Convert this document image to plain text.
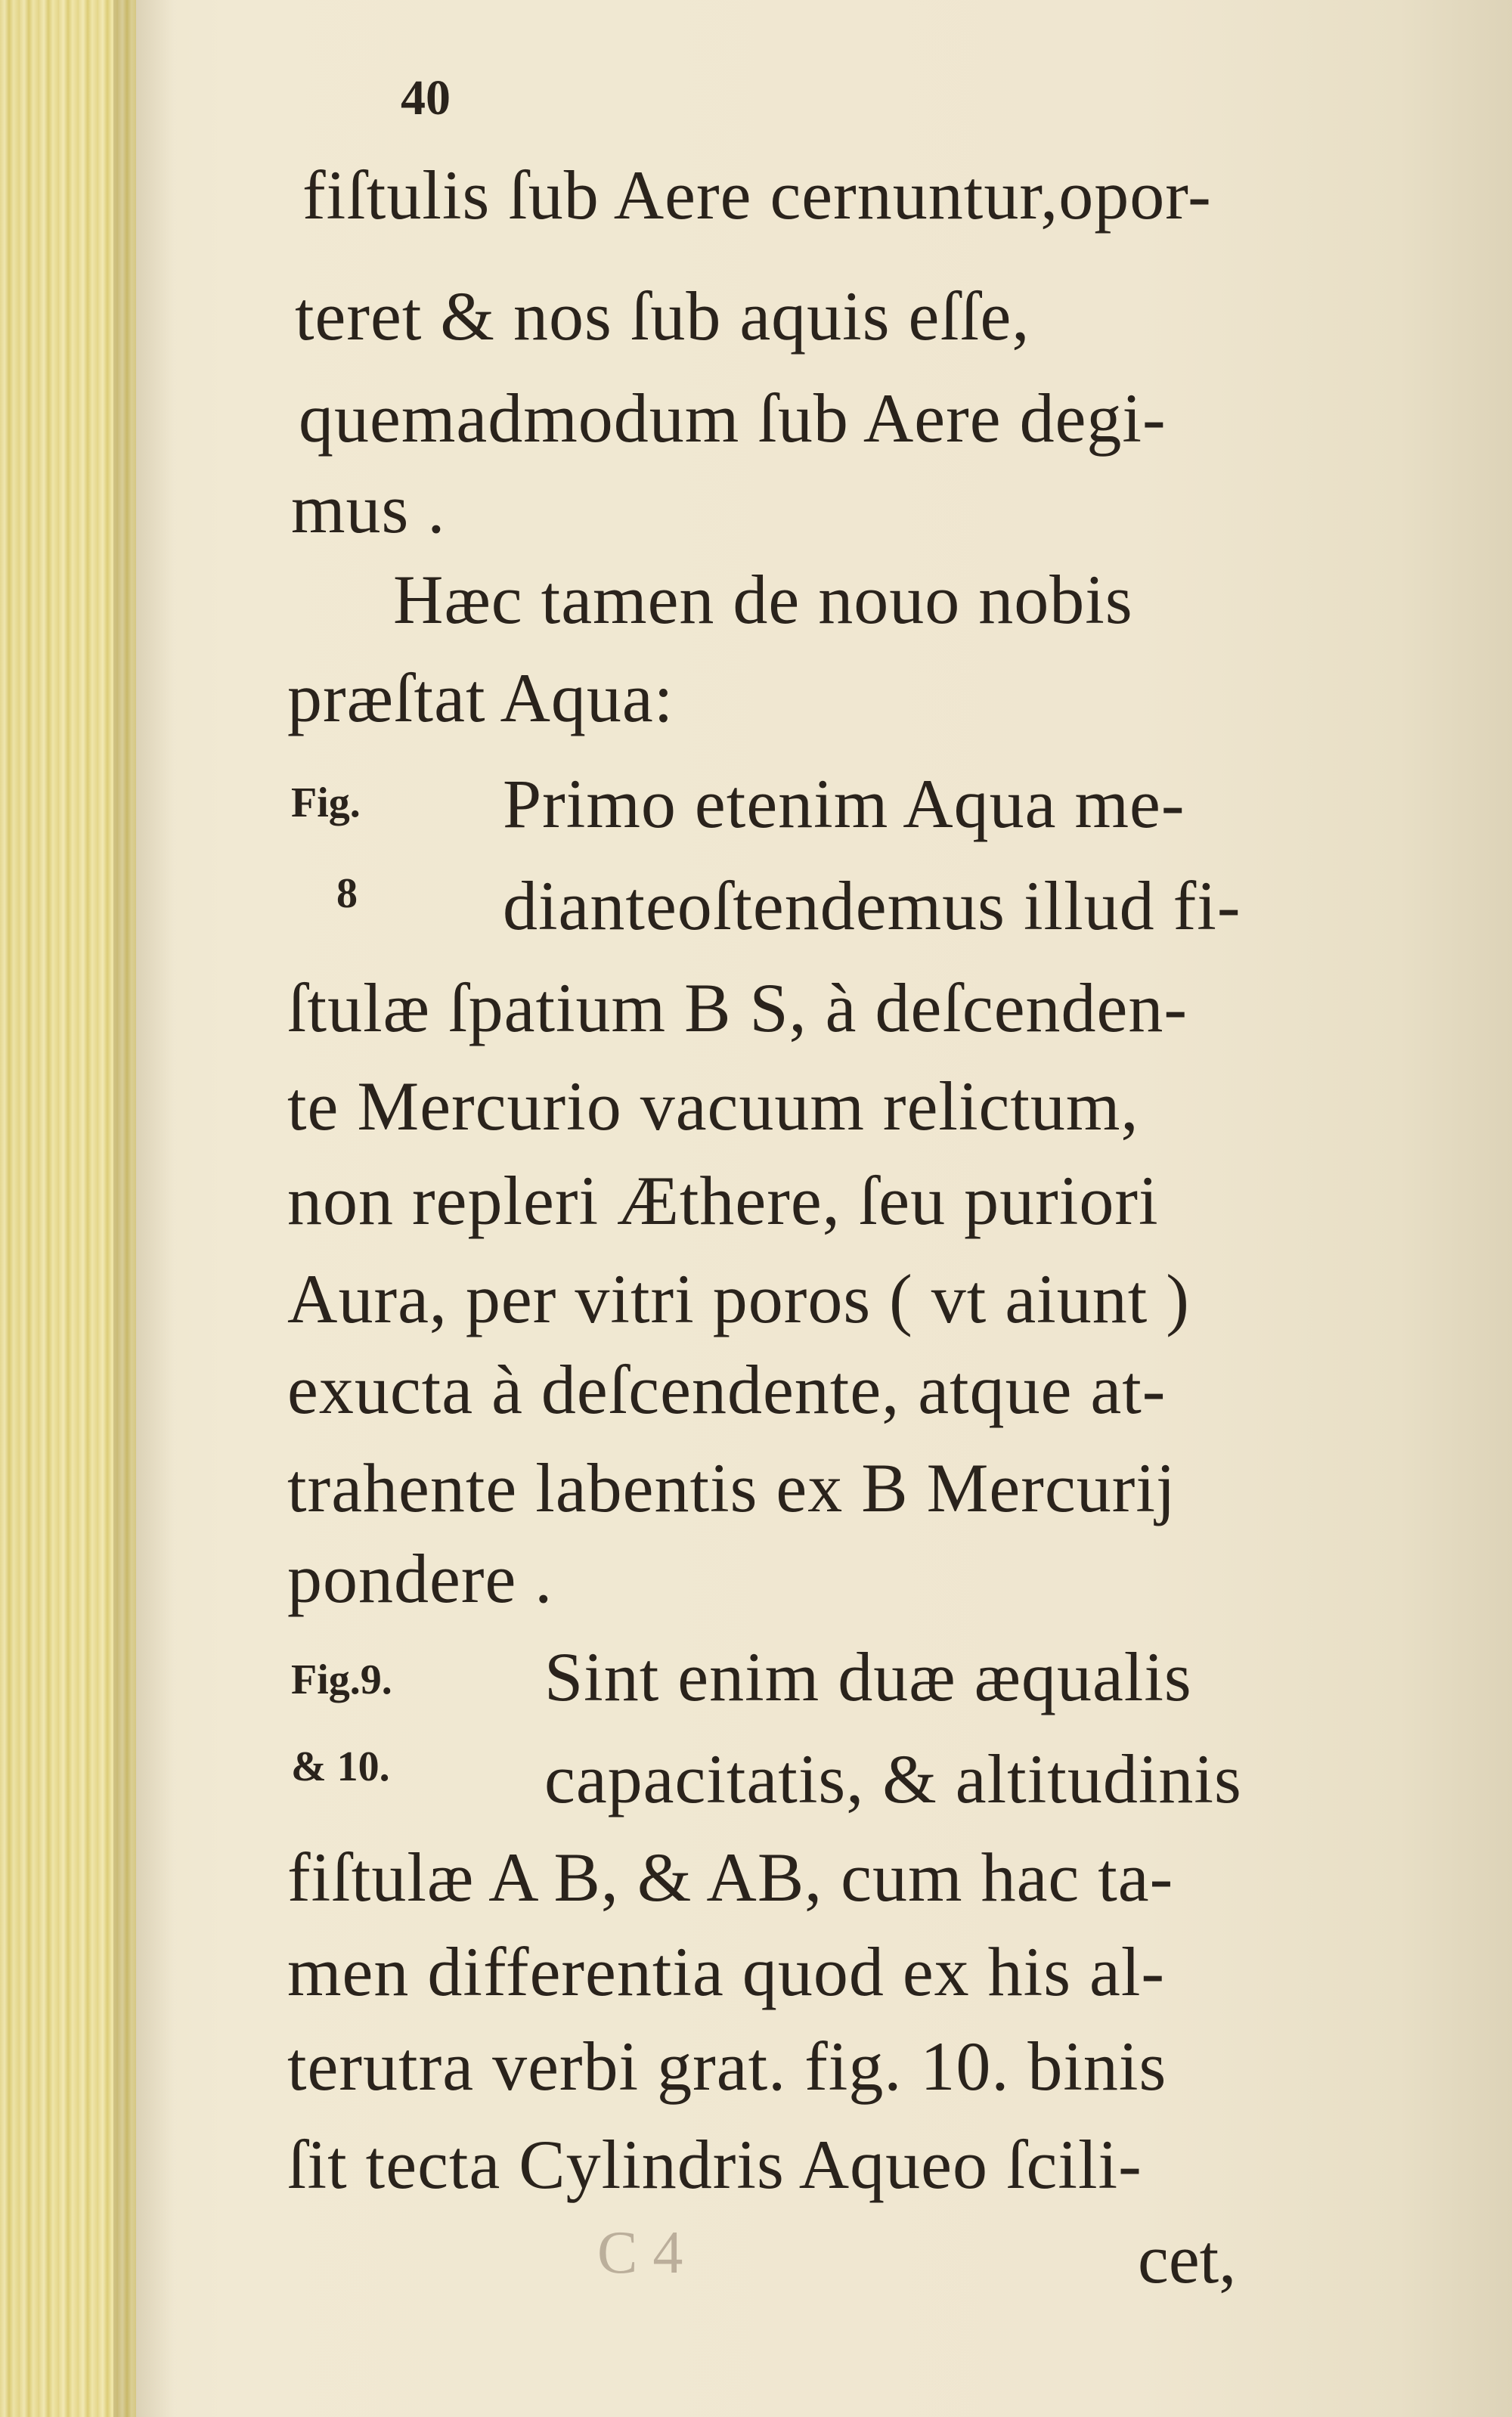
40
fiſtulis ſub Aere cernuntur,opor-
teret & nos ſub aquis eſſe,
quemadmodum ſub Aere degi-
mus .
Hæc tamen de nouo nobis
præſtat Aqua:
Primo etenim Aqua me-
dianteoſtendemus illud fi-
ſtulæ ſpatium B S, à deſcenden-
te Mercurio vacuum relictum,
non repleri Æthere, ſeu puriori
Aura, per vitri poros ( vt aiunt )
exucta à deſcendente, atque at-
trahente labentis ex B Mercurij
pondere .
Sint enim duæ æqualis
capacitatis, & altitudinis
fiſtulæ A B, & AB, cum hac ta-
men differentia quod ex his al-
terutra verbi grat. fig. 10. binis
ſit tecta Cylindris Aqueo ſcili-
Fig.
8
Fig.9.
& 10.
C 4	cet,
